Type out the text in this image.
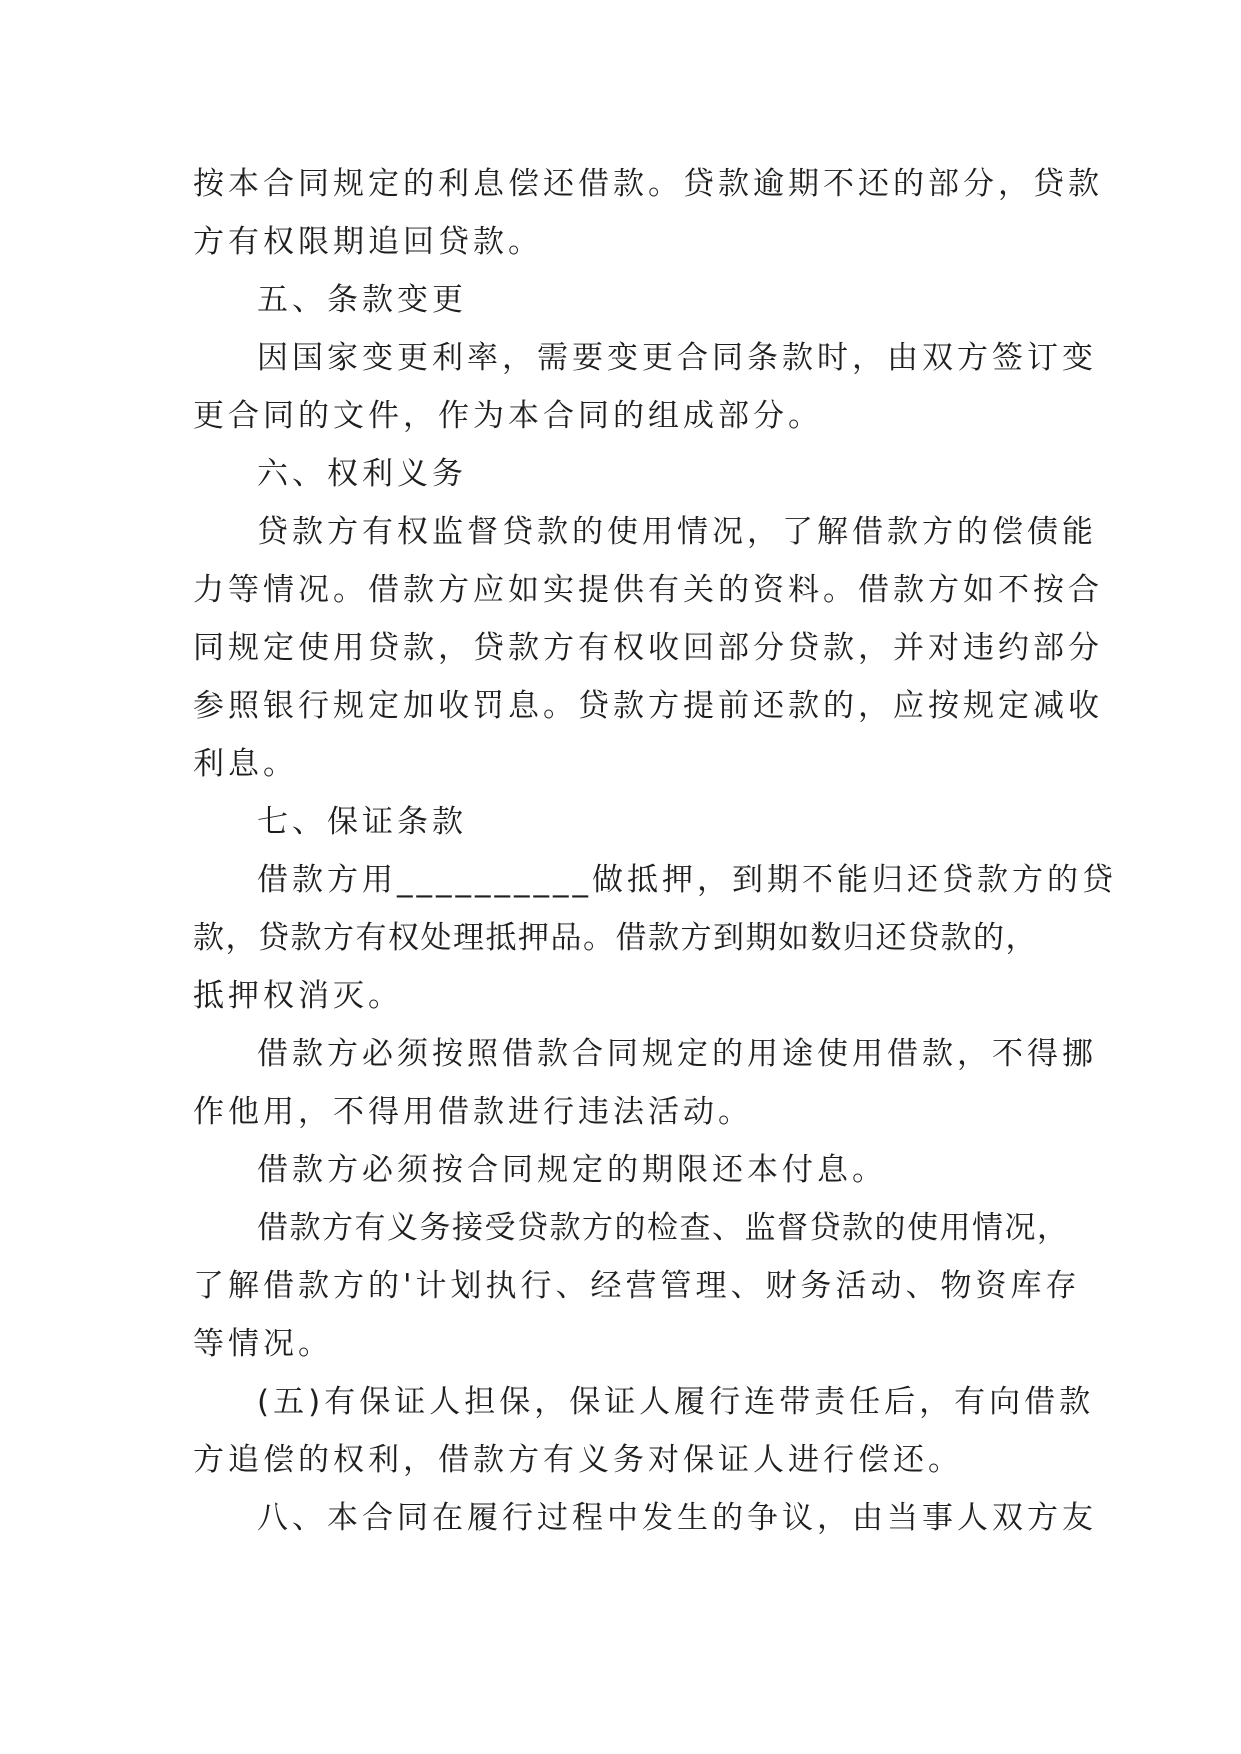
按本合同规定的利息偿还借款。贷款逾期不还的部分，贷款
方有权限期追回贷款。
五、条款变更
因国家变更利率，需要变更合同条款时，由双方签订变
更合同的文件，作为本合同的组成部分。
六、权利义务
贷款方有权监督贷款的使用情况，了解借款方的偿债能
力等情况。借款方应如实提供有关的资料。借款方如不按合
同规定使用贷款，贷款方有权收回部分贷款，并对违约部分
参照银行规定加收罚息。贷款方提前还款的，应按规定减收
利息。
七、保证条款
借款方用__________做抵押，到期不能归还贷款方的贷
款，贷款方有权处理抵押品。借款方到期如数归还贷款的，
抵押权消灭。
借款方必须按照借款合同规定的用途使用借款，不得挪
作他用，不得用借款进行违法活动。
借款方必须按合同规定的期限还本付息。
借款方有义务接受贷款方的检查、监督贷款的使用情况，
了解借款方的'计划执行、经营管理、财务活动、物资库存
等情况。
(五)有保证人担保，保证人履行连带责任后，有向借款
方追偿的权利，借款方有义务对保证人进行偿还。
八、本合同在履行过程中发生的争议，由当事人双方友
